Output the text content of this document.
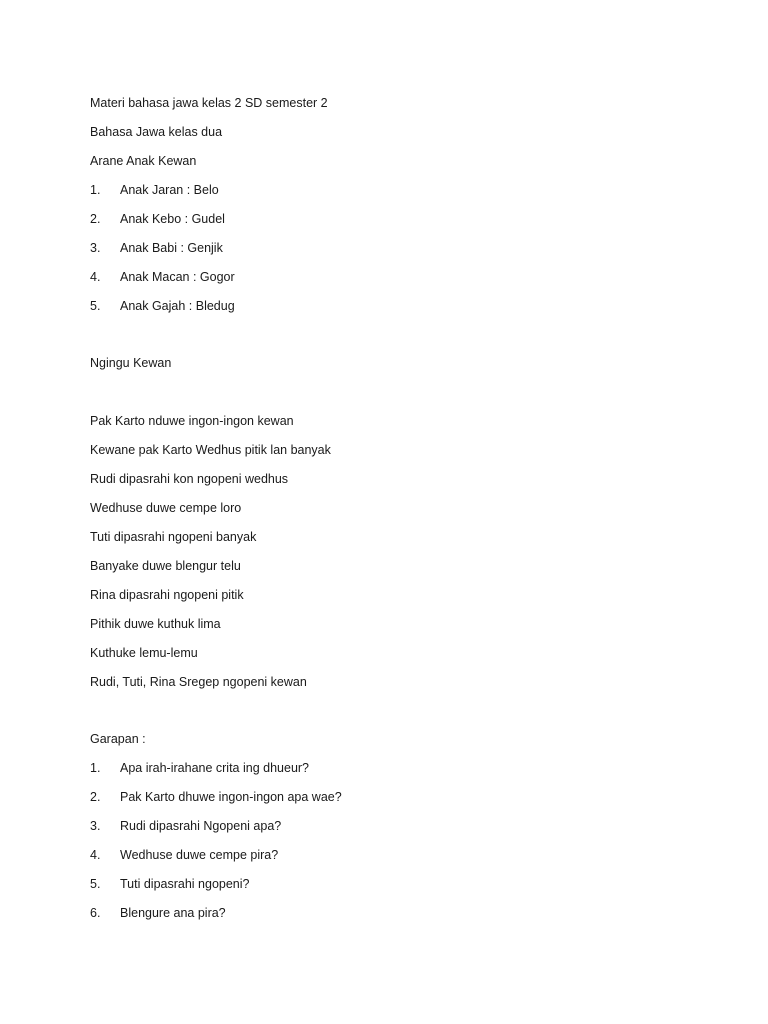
Materi bahasa jawa kelas 2 SD semester 2
Bahasa Jawa kelas dua
Arane Anak Kewan
1. Anak Jaran : Belo
2. Anak Kebo : Gudel
3. Anak Babi : Genjik
4. Anak Macan : Gogor
5. Anak Gajah : Bledug
Ngingu Kewan
Pak Karto nduwe ingon-ingon kewan
Kewane pak Karto Wedhus pitik lan banyak
Rudi dipasrahi kon ngopeni wedhus
Wedhuse duwe cempe loro
Tuti dipasrahi ngopeni banyak
Banyake duwe blengur telu
Rina dipasrahi ngopeni pitik
Pithik duwe kuthuk lima
Kuthuke lemu-lemu
Rudi, Tuti, Rina Sregep ngopeni kewan
Garapan :
1. Apa irah-irahane crita ing dhueur?
2. Pak Karto dhuwe ingon-ingon apa wae?
3. Rudi dipasrahi Ngopeni apa?
4. Wedhuse duwe cempe pira?
5. Tuti dipasrahi ngopeni?
6. Blengure ana pira?
